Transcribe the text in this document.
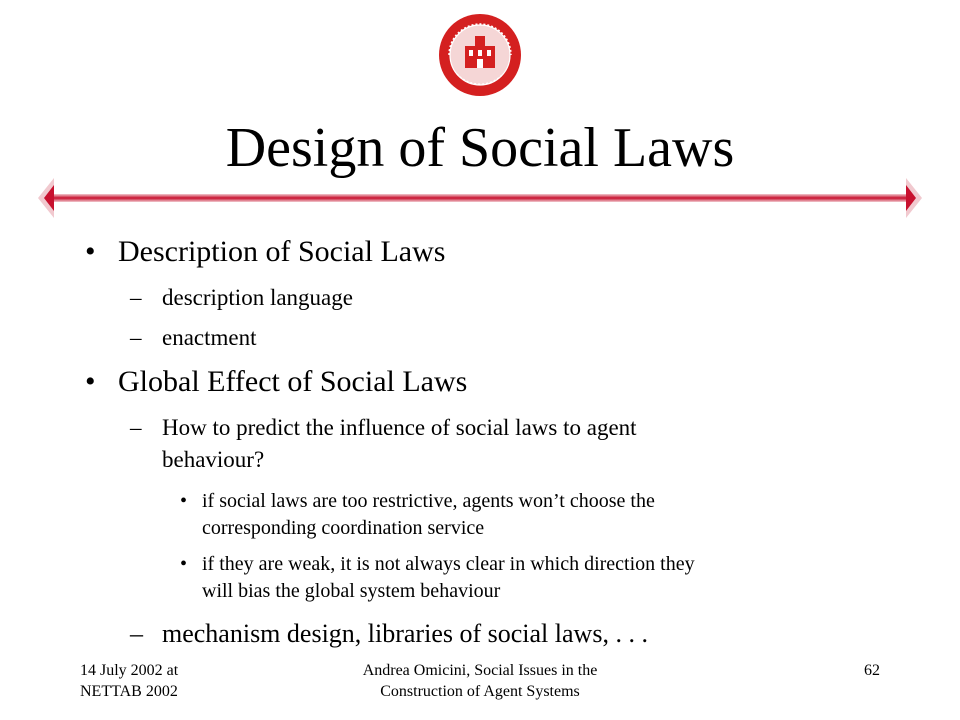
Design of Social Laws
• Description of Social Laws
– description language
– enactment
• Global Effect of Social Laws
– How to predict the influence of social laws to agent
behaviour?
• if social laws are too restrictive, agents won’t choose the
corresponding coordination service
• if they are weak, it is not always clear in which direction they
will bias the global system behaviour
– mechanism design, libraries of social laws, . . .
14 July 2002 at
NETTAB 2002
Andrea Omicini, Social Issues in the
Construction of Agent Systems
62
